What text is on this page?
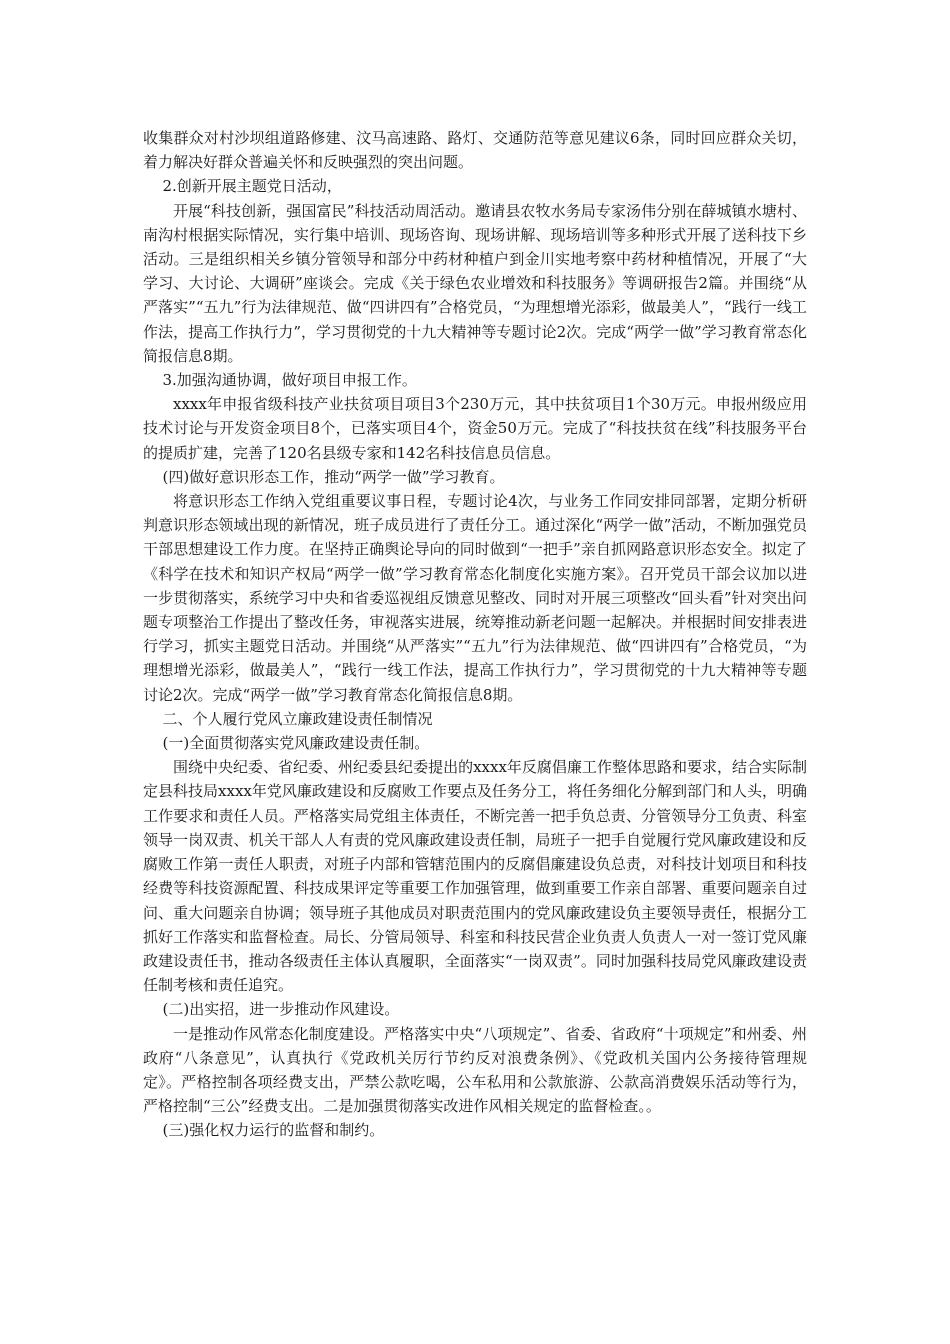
收集群众对村沙坝组道路修建、汶马高速路、路灯、交通防范等意见建议6条，同时回应群众关切，着力解决好群众普遍关怀和反映强烈的突出问题。

2.创新开展主题党日活动，

开展“科技创新，强国富民”科技活动周活动。邀请县农牧水务局专家汤伟分别在薛城镇水塘村、南沟村根据实际情况，实行集中培训、现场咨询、现场讲解、现场培训等多种形式开展了送科技下乡活动。三是组织相关乡镇分管领导和部分中药材种植户到金川实地考察中药材种植情况，开展了“大学习、大讨论、大调研”座谈会。完成《关于绿色农业增效和科技服务》等调研报告2篇。并围绕“从严落实”“五九”行为法律规范、做“四讲四有”合格党员，“为理想增光添彩，做最美人”，“践行一线工作法，提高工作执行力”，学习贯彻党的十九大精神等专题讨论2次。完成“两学一做”学习教育常态化简报信息8期。

3.加强沟通协调，做好项目申报工作。

xxxx年申报省级科技产业扶贫项目项目3个230万元，其中扶贫项目1个30万元。申报州级应用技术讨论与开发资金项目8个，已落实项目4个，资金50万元。完成了“科技扶贫在线”科技服务平台的提质扩建，完善了120名县级专家和142名科技信息员信息。

(四)做好意识形态工作，推动“两学一做”学习教育。

将意识形态工作纳入党组重要议事日程，专题讨论4次，与业务工作同安排同部署，定期分析研判意识形态领域出现的新情况，班子成员进行了责任分工。通过深化“两学一做”活动，不断加强党员干部思想建设工作力度。在坚持正确舆论导向的同时做到“一把手”亲自抓网路意识形态安全。拟定了《科学在技术和知识产权局“两学一做”学习教育常态化制度化实施方案》。召开党员干部会议加以进一步贯彻落实，系统学习中央和省委巡视组反馈意见整改、同时对开展三项整改“回头看”针对突出问题专项整治工作提出了整改任务，审视落实进展，统筹推动新老问题一起解决。并根据时间安排表进行学习，抓实主题党日活动。并围绕“从严落实”“五九”行为法律规范、做“四讲四有”合格党员，“为理想增光添彩，做最美人”，“践行一线工作法，提高工作执行力”，学习贯彻党的十九大精神等专题讨论2次。完成“两学一做”学习教育常态化简报信息8期。

二、个人履行党风立廉政建设责任制情况

(一)全面贯彻落实党风廉政建设责任制。

围绕中央纪委、省纪委、州纪委县纪委提出的xxxx年反腐倡廉工作整体思路和要求，结合实际制定县科技局xxxx年党风廉政建设和反腐败工作要点及任务分工，将任务细化分解到部门和人头，明确工作要求和责任人员。严格落实局党组主体责任，不断完善一把手负总责、分管领导分工负责、科室领导一岗双责、机关干部人人有责的党风廉政建设责任制，局班子一把手自觉履行党风廉政建设和反腐败工作第一责任人职责，对班子内部和管辖范围内的反腐倡廉建设负总责，对科技计划项目和科技经费等科技资源配置、科技成果评定等重要工作加强管理，做到重要工作亲自部署、重要问题亲自过问、重大问题亲自协调；领导班子其他成员对职责范围内的党风廉政建设负主要领导责任，根据分工抓好工作落实和监督检查。局长、分管局领导、科室和科技民营企业负责人负责人一对一签订党风廉政建设责任书，推动各级责任主体认真履职，全面落实“一岗双责”。同时加强科技局党风廉政建设责任制考核和责任追究。

(二)出实招，进一步推动作风建设。

一是推动作风常态化制度建设。严格落实中央“八项规定”、省委、省政府“十项规定”和州委、州政府“八条意见”，认真执行《党政机关厉行节约反对浪费条例》、《党政机关国内公务接待管理规定》。严格控制各项经费支出，严禁公款吃喝，公车私用和公款旅游、公款高消费娱乐活动等行为，严格控制“三公”经费支出。二是加强贯彻落实改进作风相关规定的监督检查。。

(三)强化权力运行的监督和制约。
